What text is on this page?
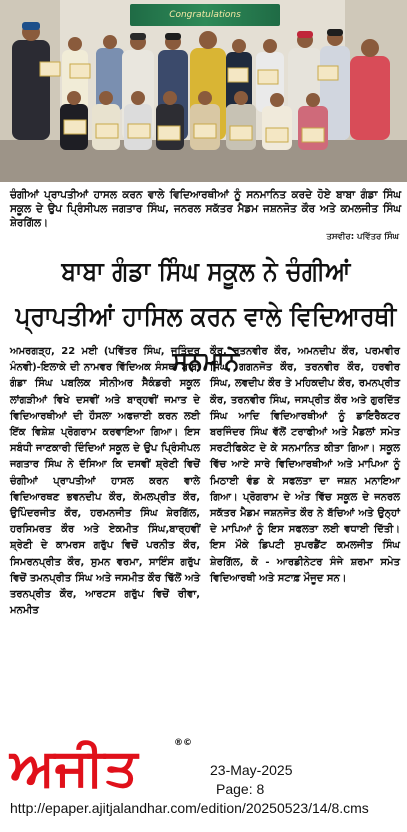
Congratulations
ਚੰਗੀਆਂ ਪ੍ਰਾਪਤੀਆਂ ਹਾਸਲ ਕਰਨ ਵਾਲੇ ਵਿਦਿਆਰਥੀਆਂ ਨੂੰ ਸਨਮਾਨਿਤ ਕਰਦੇ ਹੋਏ ਬਾਬਾ ਗੰਡਾ ਸਿੰਘ ਸਕੂਲ ਦੇ ਉਪ ਪ੍ਰਿੰਸੀਪਲ ਜਗਤਾਰ ਸਿੰਘ, ਜਨਰਲ ਸਕੱਤਰ ਮੈਡਮ ਜਸ਼ਨਜੋਤ ਕੌਰ ਅਤੇ ਕਮਲਜੀਤ ਸਿੰਘ ਸ਼ੇਰਗਿੱਲ।
ਤਸਵੀਰ: ਪਵਿੱਤਰ ਸਿੰਘ
ਬਾਬਾ ਗੰਡਾ ਸਿੰਘ ਸਕੂਲ ਨੇ ਚੰਗੀਆਂ ਪ੍ਰਾਪਤੀਆਂ ਹਾਸਿਲ ਕਰਨ ਵਾਲੇ ਵਿਦਿਆਰਥੀ ਸਨਮਾਨੇ
ਅਮਰਗੜ੍ਹ, 22 ਮਈ (ਪਵਿੱਤਰ ਸਿੰਘ, ਜਤਿੰਦਰ ਮੰਨਵੀ)-ਇਲਾਕੇ ਦੀ ਨਾਮਵਰ ਵਿੱਦਿਅਕ ਸੰਸਥਾ ਬਾਬਾ ਗੰਡਾ ਸਿੰਘ ਪਬਲਿਕ ਸੀਨੀਅਰ ਸੈਕੰਡਰੀ ਸਕੂਲ ਲਾਂਗੜੀਆਂ ਵਿਖੇ ਦਸਵੀਂ ਅਤੇ ਬਾਰ੍ਹਵੀਂ ਜਮਾਤ ਦੇ ਵਿਦਿਆਰਥੀਆਂ ਦੀ ਹੌਸਲਾ ਅਫਜ਼ਾਈ ਕਰਨ ਲਈ ਇੱਕ ਵਿਸ਼ੇਸ਼ ਪ੍ਰੋਗਰਾਮ ਕਰਵਾਇਆ ਗਿਆ। ਇਸ ਸਬੰਧੀ ਜਾਣਕਾਰੀ ਦਿੰਦਿਆਂ ਸਕੂਲ ਦੇ ਉਪ ਪ੍ਰਿੰਸੀਪਲ ਜਗਤਾਰ ਸਿੰਘ ਨੇ ਦੱਸਿਆ ਕਿ ਦਸਵੀਂ ਸ਼੍ਰੇਣੀ ਵਿਚੋਂ ਚੰਗੀਆਂ ਪ੍ਰਾਪਤੀਆਂ ਹਾਸਲ ਕਰਨ ਵਾਲੇ ਵਿਦਿਆਰਥਣ ਭਵਨਦੀਪ ਕੌਰ, ਕੋਮਲਪ੍ਰੀਤ ਕੌਰ, ਉਪਿੰਦਰਜੀਤ ਕੌਰ, ਹਰਮਨਜੀਤ ਸਿੰਘ ਸ਼ੇਰਗਿੱਲ, ਹਰਸਿਮਰਤ ਕੌਰ ਅਤੇ ਏਕਮੀਤ ਸਿੰਘ,ਬਾਰ੍ਹਵੀਂ ਸ਼੍ਰੇਣੀ ਦੇ ਕਾਮਰਸ ਗਰੁੱਪ ਵਿਚੋਂ ਪਰਨੀਤ ਕੌਰ, ਸਿਮਰਨਪ੍ਰੀਤ ਕੌਰ, ਸੁਮਨ ਵਰਮਾ, ਸਾਇੰਸ ਗਰੁੱਪ ਵਿਚੋਂ ਤਮਨਪ੍ਰੀਤ ਸਿੰਘ ਅਤੇ ਜਸਮੀਤ ਕੌਰ ਢਿੱਲੋਂ ਅਤੇ ਤਰਨਪ੍ਰੀਤ ਕੌਰ, ਆਰਟਸ ਗਰੁੱਪ ਵਿਚੋਂ ਰੀਵਾ, ਮਨਮੀਤ
ਕੌਰ, ਰਤਨਵੀਰ ਕੌਰ, ਅਮਨਦੀਪ ਕੌਰ, ਪਰਮਵੀਰ ਸਿੰਘ, ਗਗਨਜੋਤ ਕੌਰ, ਤਰਨਵੀਰ ਕੌਰ, ਹਰਵੀਰ ਸਿੰਘ, ਲਵਦੀਪ ਕੌਰ ਤੇ ਮਹਿਕਦੀਪ ਕੌਰ, ਰਮਨਪ੍ਰੀਤ ਕੌਰ, ਤਰਨਵੀਰ ਸਿੰਘ, ਜਸਪ੍ਰੀਤ ਕੌਰ ਅਤੇ ਗੁਰਦਿੱਤ ਸਿੰਘ ਆਦਿ ਵਿਦਿਆਰਥੀਆਂ ਨੂੰ ਡਾਇਰੈਕਟਰ ਬਰਜਿੰਦਰ ਸਿੰਘ ਵੱਲੋਂ ਟਰਾਫੀਆਂ ਅਤੇ ਮੈਡਲਾਂ ਸਮੇਤ ਸਰਟੀਫਿਕੇਟ ਦੇ ਕੇ ਸਨਮਾਨਿਤ ਕੀਤਾ ਗਿਆ। ਸਕੂਲ ਵਿੱਚ ਆਏ ਸਾਰੇ ਵਿਦਿਆਰਥੀਆਂ ਅਤੇ ਮਾਪਿਆ ਨੂੰ ਮਿਠਾਈ ਵੰਡ ਕੇ ਸਫਲਤਾ ਦਾ ਜਸ਼ਨ ਮਨਾਇਆ ਗਿਆ। ਪ੍ਰੋਗਰਾਮ ਦੇ ਅੰਤ ਵਿੱਚ ਸਕੂਲ ਦੇ ਜਨਰਲ ਸਕੱਤਰ ਮੈਡਮ ਜਸ਼ਨਜੋਤ ਕੌਰ ਨੇ ਬੱਚਿਆਂ ਅਤੇ ਉਨ੍ਹਾਂ ਦੇ ਮਾਪਿਆਂ ਨੂੰ ਇਸ ਸਫਲਤਾ ਲਈ ਵਧਾਈ ਦਿੱਤੀ। ਇਸ ਮੌਕੇ ਡਿਪਟੀ ਸੁਪਰਡੈਂਟ ਕਮਲਜੀਤ ਸਿੰਘ ਸ਼ੇਰਗਿੱਲ, ਕੋ - ਆਰਡੀਨੇਟਰ ਸੰਜੇ ਸ਼ਰਮਾ ਸਮੇਤ ਵਿਦਿਆਰਥੀ ਅਤੇ ਸਟਾਫ਼ ਮੌਜੂਦ ਸਨ।
ਅਜੀਤ	®©
23-May-2025
Page: 8
http://epaper.ajitjalandhar.com/edition/20250523/14/8.cms
